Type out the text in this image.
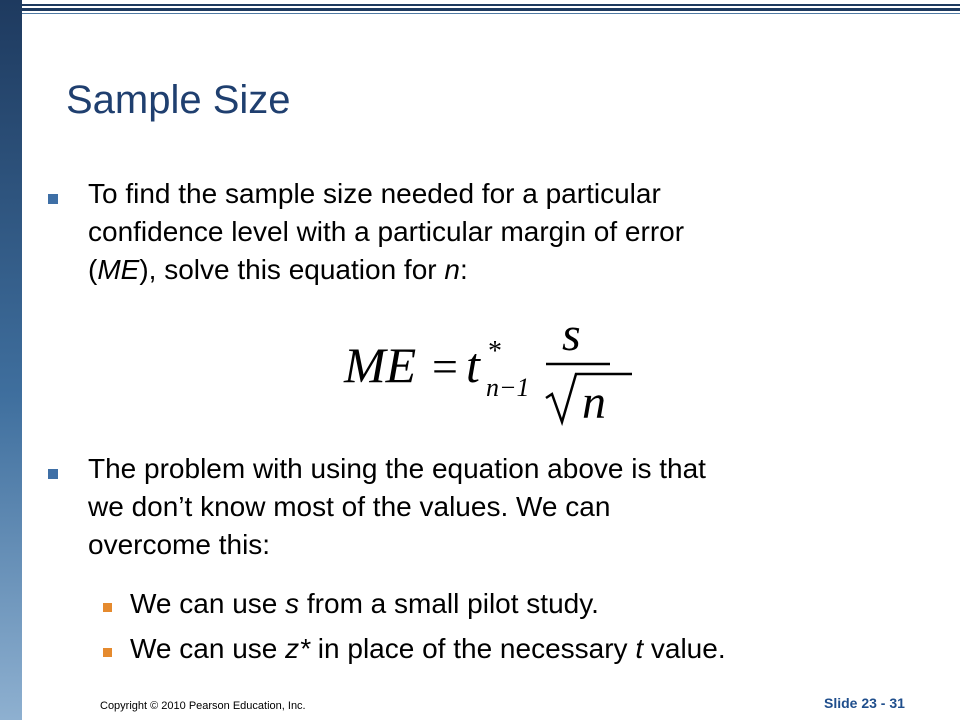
Sample Size
To find the sample size needed for a particular
confidence level with a particular margin of error
(ME), solve this equation for n:
ME = t *
n−1
s
n
The problem with using the equation above is that
we don’t know most of the values. We can
overcome this:
We can use s from a small pilot study.
We can use z* in place of the necessary t value.
Copyright © 2010 Pearson Education, Inc.	Slide 23 - 31
